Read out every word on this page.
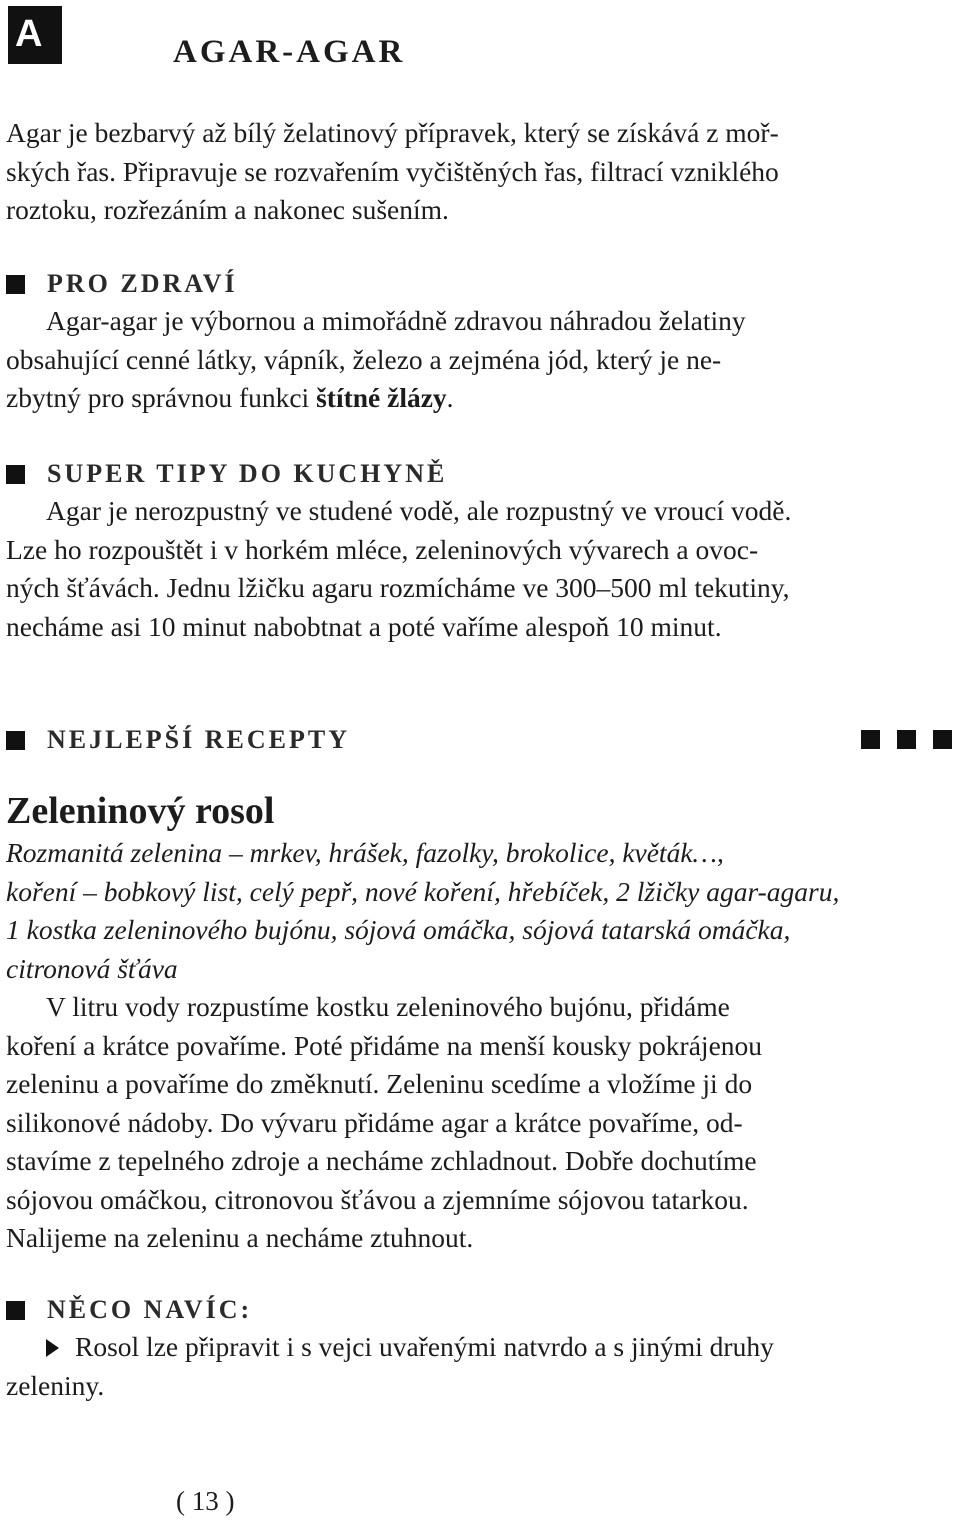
A	AGAR-AGAR

Agar je bezbarvý až bílý želatinový přípravek, který se získává z moř-
ských řas. Připravuje se rozvařením vyčištěných řas, filtrací vzniklého
roztoku, rozřezáním a nakonec sušením.

PRO ZDRAVÍ

Agar-agar je výbornou a mimořádně zdravou náhradou želatiny
obsahující cenné látky, vápník, železo a zejména jód, který je ne-
zbytný pro správnou funkci štítné žlázy.

SUPER TIPY DO KUCHYNĚ

Agar je nerozpustný ve studené vodě, ale rozpustný ve vroucí vodě.
Lze ho rozpouštět i v horkém mléce, zeleninových vývarech a ovoc-
ných šťávách. Jednu lžičku agaru rozmícháme ve 300–500 ml tekutiny,
necháme asi 10 minut nabobtnat a poté vaříme alespoň 10 minut.

NEJLEPŠÍ RECEPTY
Zeleninový rosol

Rozmanitá zelenina – mrkev, hrášek, fazolky, brokolice, květák…,
koření – bobkový list, celý pepř, nové koření, hřebíček, 2 lžičky agar-agaru,
1 kostka zeleninového bujónu, sójová omáčka, sójová tatarská omáčka,
citronová šťáva

V litru vody rozpustíme kostku zeleninového bujónu, přidáme
koření a krátce povaříme. Poté přidáme na menší kousky pokrájenou
zeleninu a povaříme do změknutí. Zeleninu scedíme a vložíme ji do
silikonové nádoby. Do vývaru přidáme agar a krátce povaříme, od-
stavíme z tepelného zdroje a necháme zchladnout. Dobře dochutíme
sójovou omáčkou, citronovou šťávou a zjemníme sójovou tatarkou.
Nalijeme na zeleninu a necháme ztuhnout.

NĚCO NAVÍC:

Rosol lze připravit i s vejci uvařenými natvrdo a s jinými druhy
zeleniny.

( 13 )
